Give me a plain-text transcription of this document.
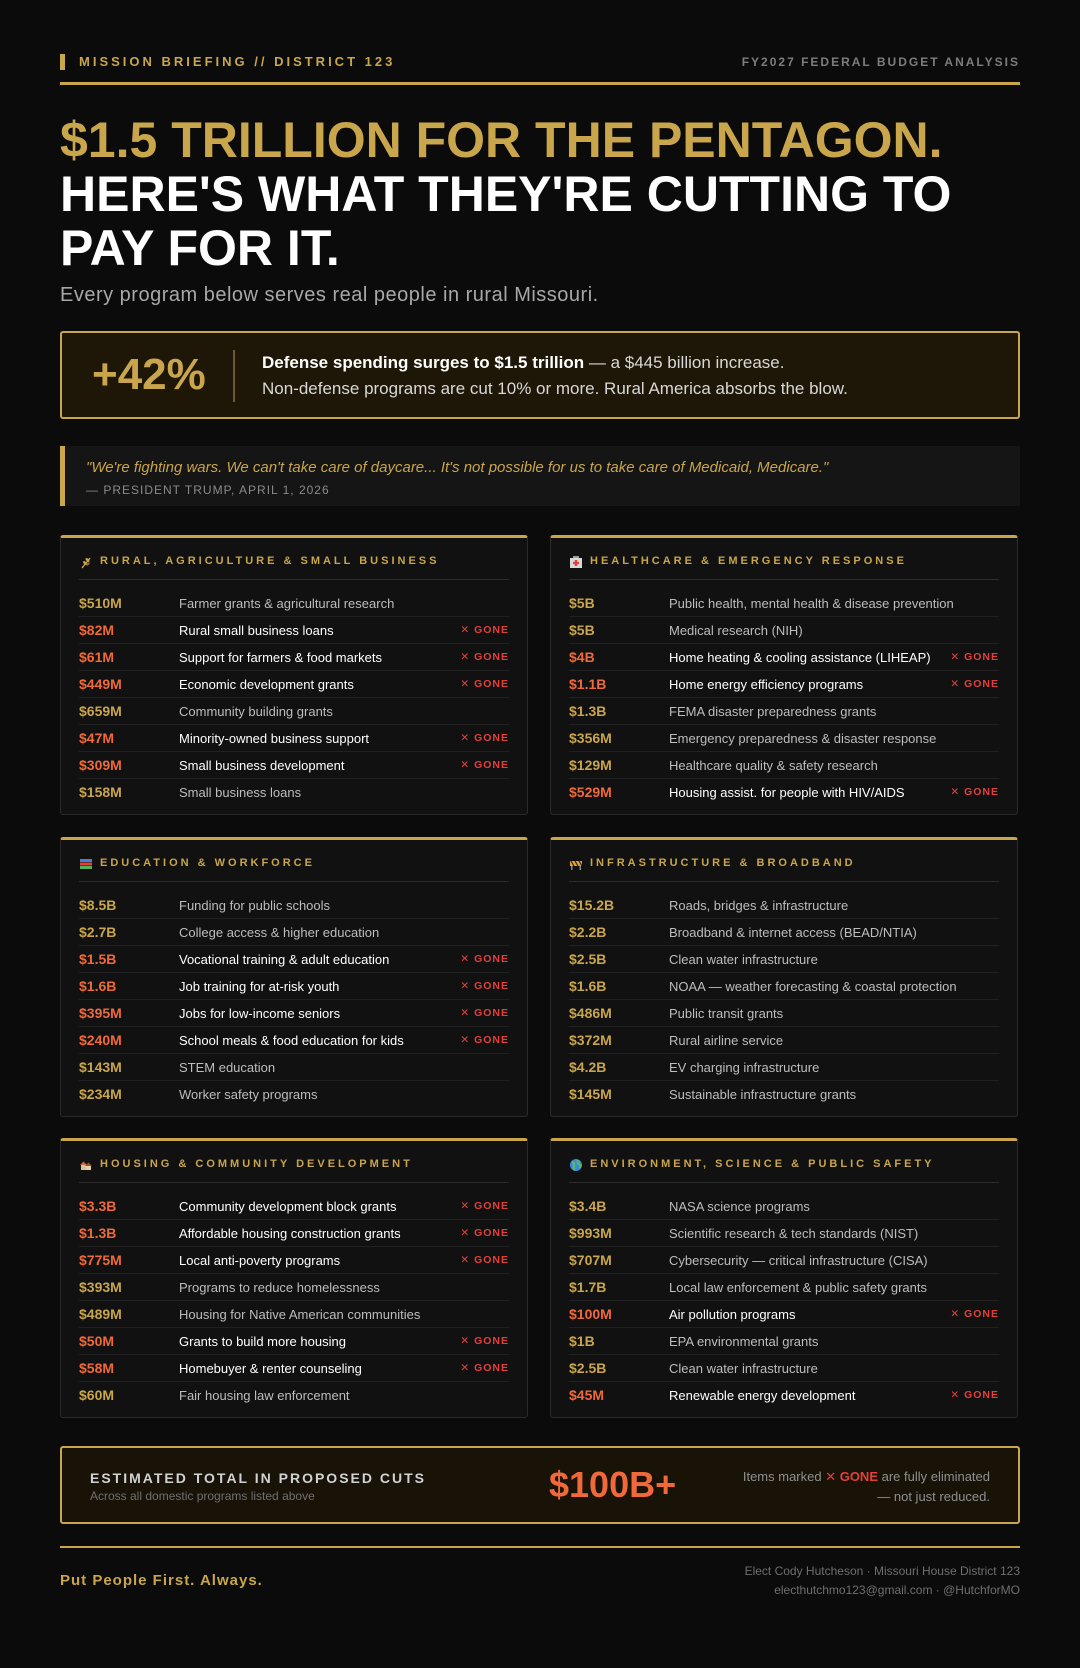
MISSION BRIEFING // DISTRICT 123	FY2027 FEDERAL BUDGET ANALYSIS
$1.5 TRILLION FOR THE PENTAGON.
HERE'S WHAT THEY'RE CUTTING TO PAY FOR IT.
Every program below serves real people in rural Missouri.
+42%	Defense spending surges to $1.5 trillion — a $445 billion increase.
Non-defense programs are cut 10% or more. Rural America absorbs the blow.
"We're fighting wars. We can't take care of daycare... It's not possible for us to take care of Medicaid, Medicare."
— PRESIDENT TRUMP, APRIL 1, 2026
RURAL, AGRICULTURE & SMALL BUSINESS
$510M	Farmer grants & agricultural research
$82M	Rural small business loans	✕ GONE
$61M	Support for farmers & food markets	✕ GONE
$449M	Economic development grants	✕ GONE
$659M	Community building grants
$47M	Minority-owned business support	✕ GONE
$309M	Small business development	✕ GONE
$158M	Small business loans
HEALTHCARE & EMERGENCY RESPONSE
$5B	Public health, mental health & disease prevention
$5B	Medical research (NIH)
$4B	Home heating & cooling assistance (LIHEAP) ✕ GONE
$1.1B	Home energy efficiency programs	✕ GONE
$1.3B	FEMA disaster preparedness grants
$356M	Emergency preparedness & disaster response
$129M	Healthcare quality & safety research
$529M	Housing assist. for people with HIV/AIDS	✕ GONE
EDUCATION & WORKFORCE
$8.5B	Funding for public schools
$2.7B	College access & higher education
$1.5B	Vocational training & adult education	✕ GONE
$1.6B	Job training for at-risk youth	✕ GONE
$395M	Jobs for low-income seniors	✕ GONE
$240M	School meals & food education for kids	✕ GONE
$143M	STEM education
$234M	Worker safety programs
INFRASTRUCTURE & BROADBAND
$15.2B	Roads, bridges & infrastructure
$2.2B	Broadband & internet access (BEAD/NTIA)
$2.5B	Clean water infrastructure
$1.6B	NOAA — weather forecasting & coastal protection
$486M	Public transit grants
$372M	Rural airline service
$4.2B	EV charging infrastructure
$145M	Sustainable infrastructure grants
HOUSING & COMMUNITY DEVELOPMENT
$3.3B	Community development block grants	✕ GONE
$1.3B	Affordable housing construction grants	✕ GONE
$775M	Local anti-poverty programs	✕ GONE
$393M	Programs to reduce homelessness
$489M	Housing for Native American communities
$50M	Grants to build more housing	✕ GONE
$58M	Homebuyer & renter counseling	✕ GONE
$60M	Fair housing law enforcement
ENVIRONMENT, SCIENCE & PUBLIC SAFETY
$3.4B	NASA science programs
$993M	Scientific research & tech standards (NIST)
$707M	Cybersecurity — critical infrastructure (CISA)
$1.7B	Local law enforcement & public safety grants
$100M	Air pollution programs	✕ GONE
$1B	EPA environmental grants
$2.5B	Clean water infrastructure
$45M	Renewable energy development	✕ GONE
ESTIMATED TOTAL IN PROPOSED CUTS
Across all domestic programs listed above	$100B+	Items marked ✕ GONE are fully eliminated — not just reduced.
Put People First. Always.
Elect Cody Hutcheson · Missouri House District 123
electhutchmo123@gmail.com · @HutchforMO
